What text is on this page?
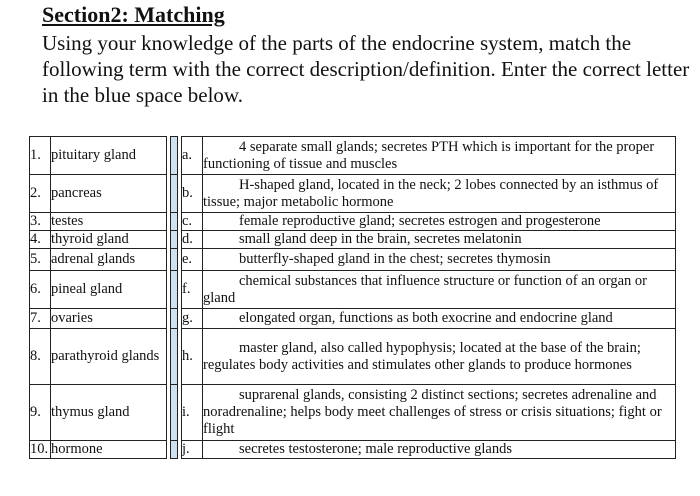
Section2: Matching
Using your knowledge of the parts of the endocrine system, match the following term with the correct description/definition. Enter the correct letter in the blue space below.
1.	pituitary gland				a.	4 separate small glands; secretes PTH which is important for the proper functioning of tissue and muscles

2.	pancreas				b.	H-shaped gland, located in the neck; 2 lobes connected by an isthmus of tissue; major metabolic hormone

3.	testes				c.	female reproductive gland; secretes estrogen and progesterone

4.	thyroid gland				d.	small gland deep in the brain, secretes melatonin

5.	adrenal glands				e.	butterfly-shaped gland in the chest; secretes thymosin

6.	pineal gland				f.	chemical substances that influence structure or function of an organ or gland

7.	ovaries				g.	elongated organ, functions as both exocrine and endocrine gland

8.	parathyroid glands				h.	master gland, also called hypophysis; located at the base of the brain; regulates body activities and stimulates other glands to produce hormones

9.	thymus gland				i.	suprarenal glands, consisting 2 distinct sections; secretes adrenaline and noradrenaline; helps body meet challenges of stress or crisis situations; fight or flight

10.	hormone				j.	secretes testosterone; male reproductive glands
